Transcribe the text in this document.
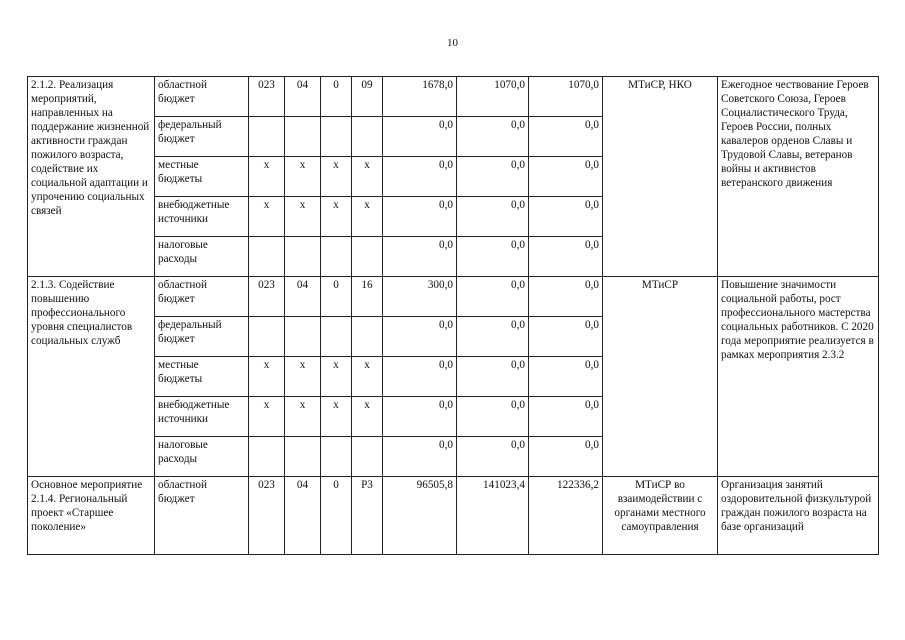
10
2.1.2. Реализация мероприятий, направленных на поддержание жизненной активности граждан пожилого возраста, содействие их социальной адаптации и упрочению социальных связей	областной бюджет	023	04	0	09	1678,0	1070,0	1070,0	МТиСР, НКО	Ежегодное чествование Героев Советского Союза, Героев Социалистического Труда, Героев России, полных кавалеров орденов Славы и Трудовой Славы, ветеранов войны и активистов ветеранского движения
	федеральный бюджет					0,0	0,0	0,0		
	местные бюджеты	х	х	х	х	0,0	0,0	0,0		
	внебюджетные источники	х	х	х	х	0,0	0,0	0,0		
	налоговые расходы					0,0	0,0	0,0		
2.1.3. Содействие повышению профессионального уровня специалистов социальных служб	областной бюджет	023	04	0	16	300,0	0,0	0,0	МТиСР	Повышение значимости социальной работы, рост профессионального мастерства социальных работников. С 2020 года мероприятие реализуется в рамках мероприятия 2.3.2
	федеральный бюджет					0,0	0,0	0,0		
	местные бюджеты	х	х	х	х	0,0	0,0	0,0		
	внебюджетные источники	х	х	х	х	0,0	0,0	0,0		
	налоговые расходы					0,0	0,0	0,0		
Основное мероприятие 2.1.4. Региональный проект «Старшее поколение»	областной бюджет	023	04	0	P3	96505,8	141023,4	122336,2	МТиСР во взаимодействии с органами местного самоуправления	Организация занятий оздоровительной физкультурой граждан пожилого возраста на базе организаций
